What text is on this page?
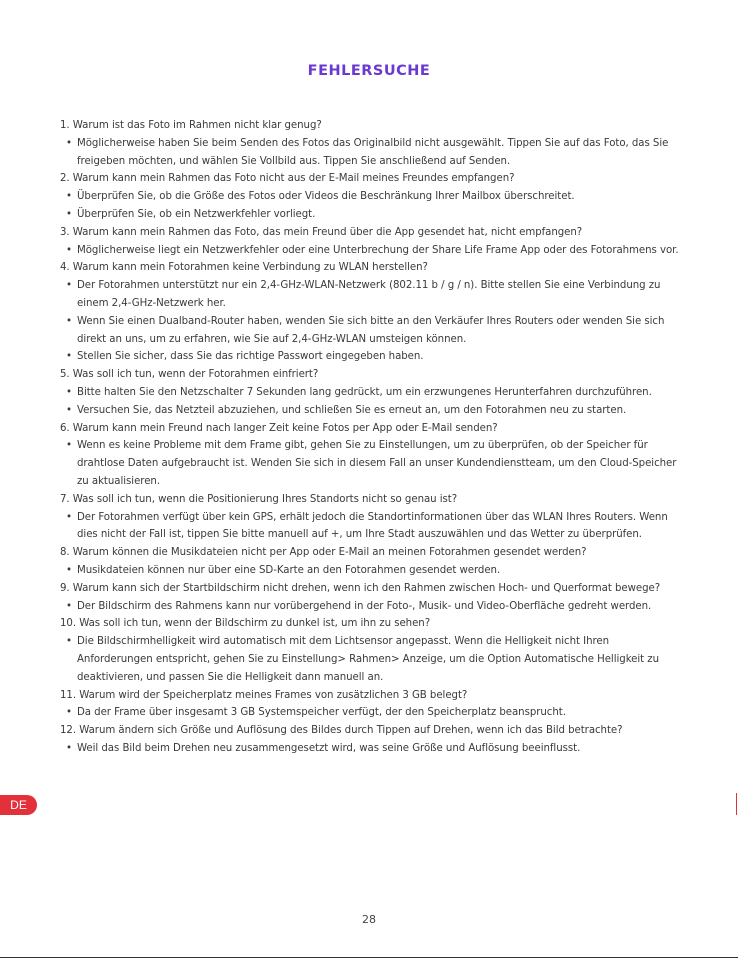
FEHLERSUCHE

1. Warum ist das Foto im Rahmen nicht klar genug?

• Möglicherweise haben Sie beim Senden des Fotos das Originalbild nicht ausgewählt. Tippen Sie auf das Foto, das Sie freigeben möchten, und wählen Sie Vollbild aus. Tippen Sie anschließend auf Senden.

2. Warum kann mein Rahmen das Foto nicht aus der E-Mail meines Freundes empfangen?

• Überprüfen Sie, ob die Größe des Fotos oder Videos die Beschränkung Ihrer Mailbox überschreitet.

• Überprüfen Sie, ob ein Netzwerkfehler vorliegt.

3. Warum kann mein Rahmen das Foto, das mein Freund über die App gesendet hat, nicht empfangen?

• Möglicherweise liegt ein Netzwerkfehler oder eine Unterbrechung der Share Life Frame App oder des Fotorahmens vor.

4. Warum kann mein Fotorahmen keine Verbindung zu WLAN herstellen?

• Der Fotorahmen unterstützt nur ein 2,4-GHz-WLAN-Netzwerk (802.11 b / g / n). Bitte stellen Sie eine Verbindung zu einem 2,4-GHz-Netzwerk her.

• Wenn Sie einen Dualband-Router haben, wenden Sie sich bitte an den Verkäufer Ihres Routers oder wenden Sie sich direkt an uns, um zu erfahren, wie Sie auf 2,4-GHz-WLAN umsteigen können.

• Stellen Sie sicher, dass Sie das richtige Passwort eingegeben haben.

5. Was soll ich tun, wenn der Fotorahmen einfriert?

• Bitte halten Sie den Netzschalter 7 Sekunden lang gedrückt, um ein erzwungenes Herunterfahren durchzuführen.

• Versuchen Sie, das Netzteil abzuziehen, und schließen Sie es erneut an, um den Fotorahmen neu zu starten.

6. Warum kann mein Freund nach langer Zeit keine Fotos per App oder E-Mail senden?

• Wenn es keine Probleme mit dem Frame gibt, gehen Sie zu Einstellungen, um zu überprüfen, ob der Speicher für drahtlose Daten aufgebraucht ist. Wenden Sie sich in diesem Fall an unser Kundendienstteam, um den Cloud-Speicher zu aktualisieren.

7. Was soll ich tun, wenn die Positionierung Ihres Standorts nicht so genau ist?

• Der Fotorahmen verfügt über kein GPS, erhält jedoch die Standortinformationen über das WLAN Ihres Routers. Wenn dies nicht der Fall ist, tippen Sie bitte manuell auf +, um Ihre Stadt auszuwählen und das Wetter zu überprüfen.

8. Warum können die Musikdateien nicht per App oder E-Mail an meinen Fotorahmen gesendet werden?

• Musikdateien können nur über eine SD-Karte an den Fotorahmen gesendet werden.

9. Warum kann sich der Startbildschirm nicht drehen, wenn ich den Rahmen zwischen Hoch- und Querformat bewege?

• Der Bildschirm des Rahmens kann nur vorübergehend in der Foto-, Musik- und Video-Oberfläche gedreht werden.

10. Was soll ich tun, wenn der Bildschirm zu dunkel ist, um ihn zu sehen?

• Die Bildschirmhelligkeit wird automatisch mit dem Lichtsensor angepasst. Wenn die Helligkeit nicht Ihren Anforderungen entspricht, gehen Sie zu Einstellung> Rahmen> Anzeige, um die Option Automatische Helligkeit zu deaktivieren, und passen Sie die Helligkeit dann manuell an.

11. Warum wird der Speicherplatz meines Frames von zusätzlichen 3 GB belegt?

• Da der Frame über insgesamt 3 GB Systemspeicher verfügt, der den Speicherplatz beansprucht.

12. Warum ändern sich Größe und Auflösung des Bildes durch Tippen auf Drehen, wenn ich das Bild betrachte?

• Weil das Bild beim Drehen neu zusammengesetzt wird, was seine Größe und Auflösung beeinflusst.

DE
28
